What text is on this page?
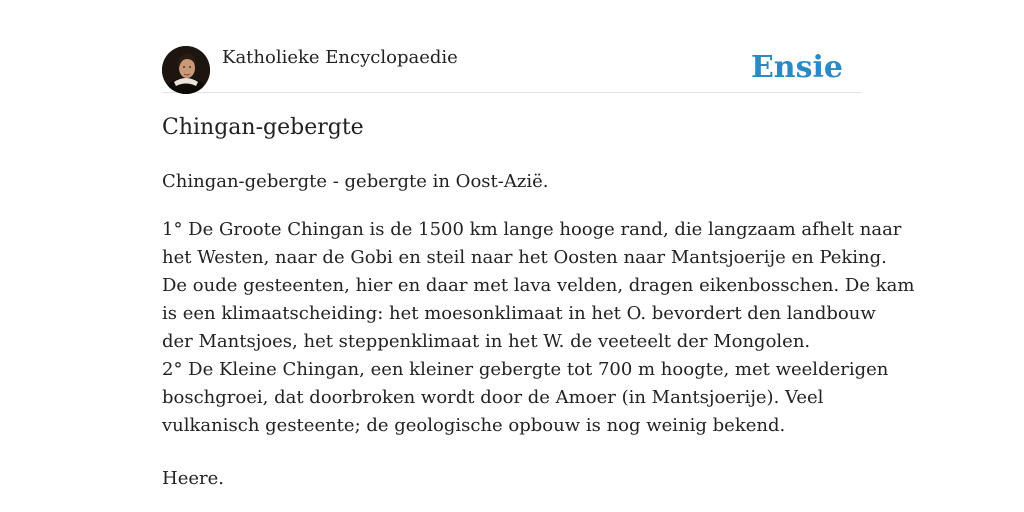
Katholieke Encyclopaedie	Ensie
Chingan-gebergte

Chingan-gebergte - gebergte in Oost-Azië.

1° De Groote Chingan is de 1500 km lange hooge rand, die langzaam afhelt naar
het Westen, naar de Gobi en steil naar het Oosten naar Mantsjoerije en Peking.
De oude gesteenten, hier en daar met lava velden, dragen eikenbosschen. De kam
is een klimaatscheiding: het moesonklimaat in het O. bevordert den landbouw
der Mantsjoes, het steppenklimaat in het W. de veeteelt der Mongolen.
2° De Kleine Chingan, een kleiner gebergte tot 700 m hoogte, met weelderigen
boschgroei, dat doorbroken wordt door de Amoer (in Mantsjoerije). Veel
vulkanisch gesteente; de geologische opbouw is nog weinig bekend.

Heere.
